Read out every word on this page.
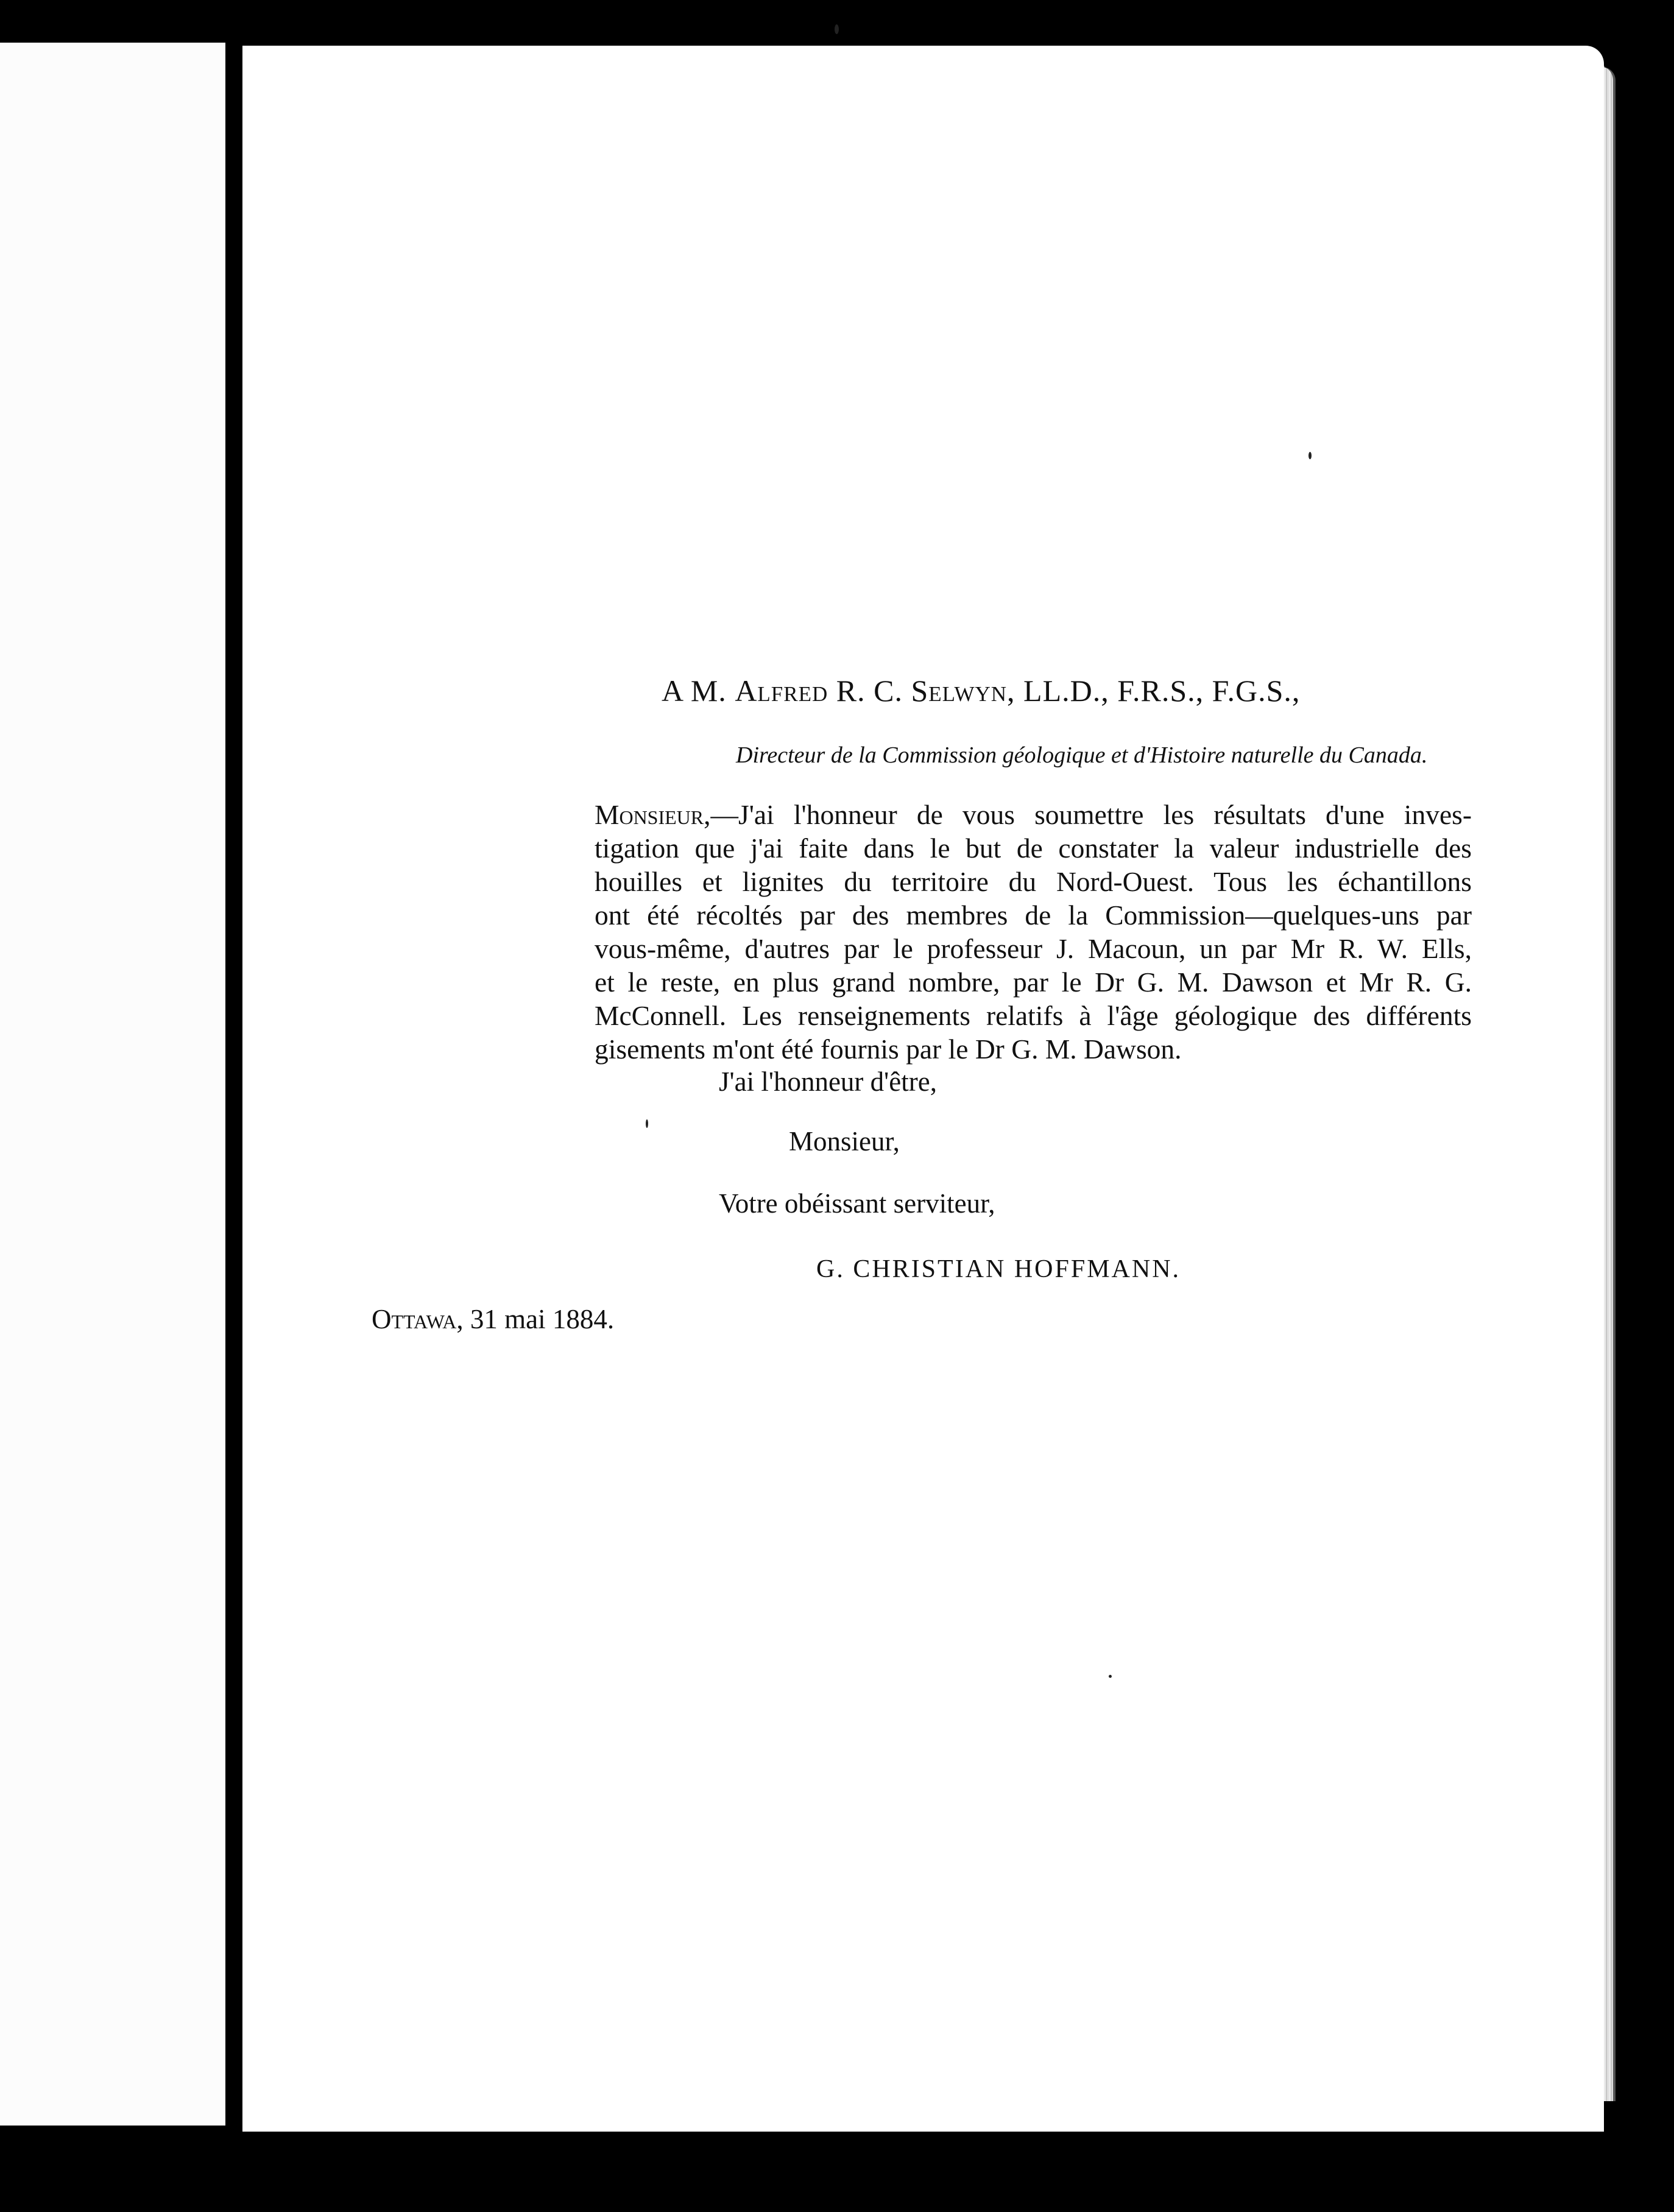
A M. Alfred R. C. Selwyn, LL.D., F.R.S., F.G.S.,
Directeur de la Commission géologique et d'Histoire naturelle du Canada.
Monsieur,—J'ai l'honneur de vous soumettre les résultats d'une inves-
tigation que j'ai faite dans le but de constater la valeur industrielle des
houilles et lignites du territoire du Nord-Ouest. Tous les échantillons
ont été récoltés par des membres de la Commission—quelques-uns par
vous-même, d'autres par le professeur J. Macoun, un par Mr R. W. Ells,
et le reste, en plus grand nombre, par le Dr G. M. Dawson et Mr R. G.
McConnell. Les renseignements relatifs à l'âge géologique des différents
gisements m'ont été fournis par le Dr G. M. Dawson.
J'ai l'honneur d'être,
Monsieur,
Votre obéissant serviteur,
G. CHRISTIAN HOFFMANN.
Ottawa, 31 mai 1884.
